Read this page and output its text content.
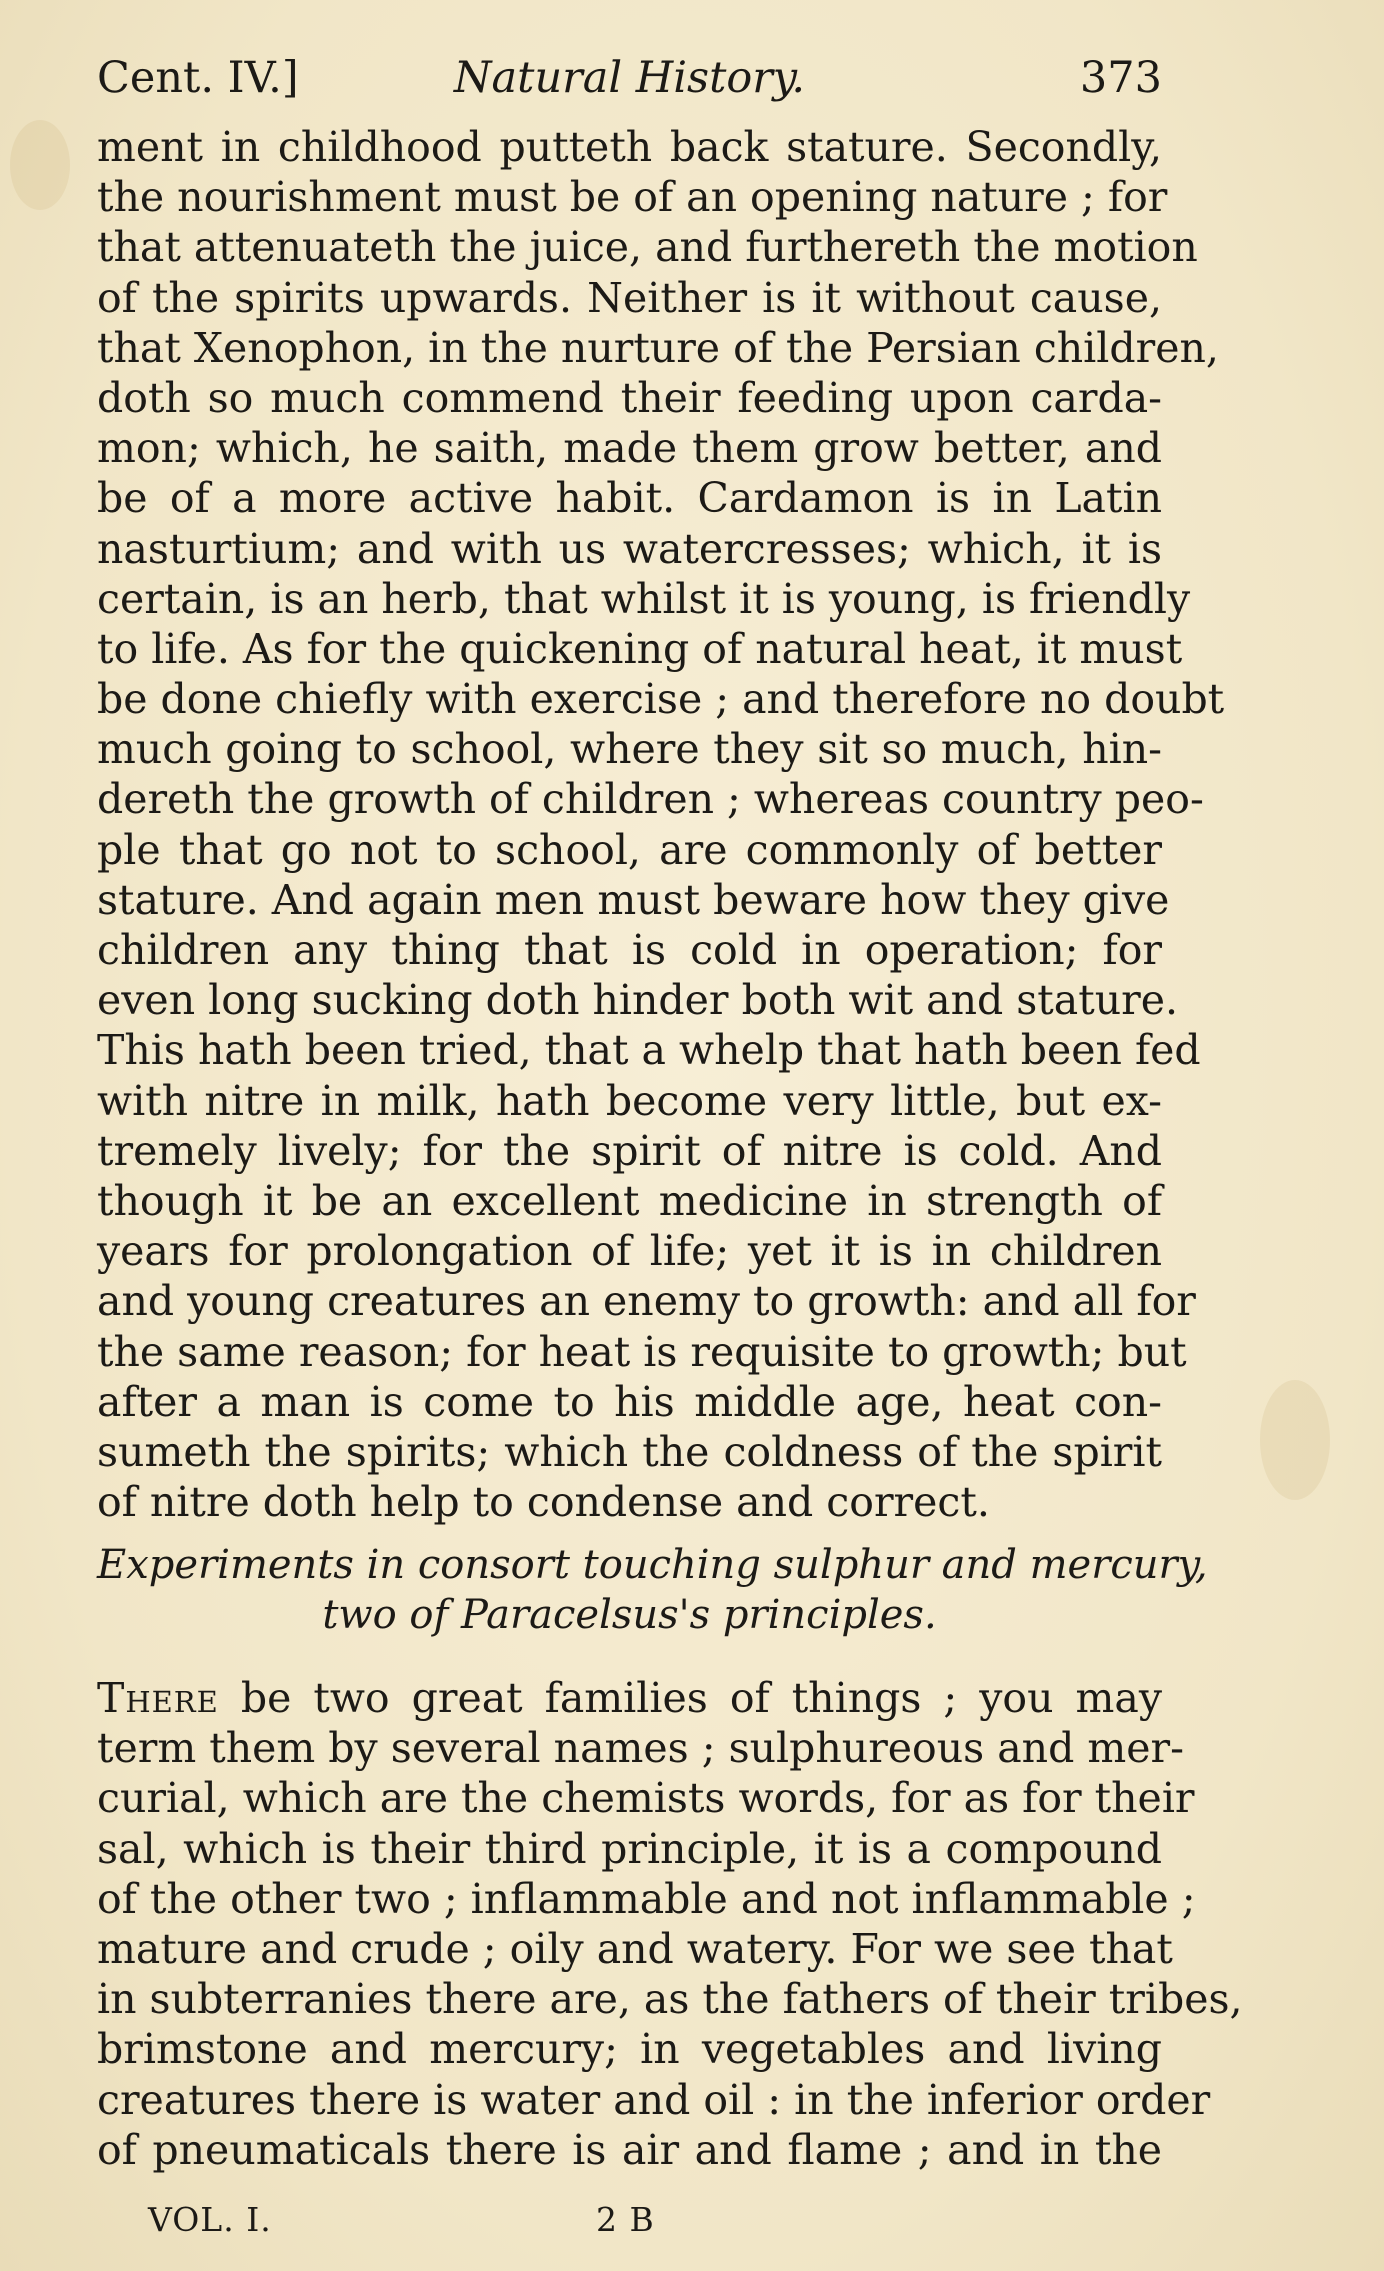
Cent. IV.]	Natural History.	373
ment in childhood putteth back stature. Secondly,
the nourishment must be of an opening nature ; for
that attenuateth the juice, and furthereth the motion
of the spirits upwards. Neither is it without cause,
that Xenophon, in the nurture of the Persian children,
doth so much commend their feeding upon carda-
mon; which, he saith, made them grow better, and
be of a more active habit. Cardamon is in Latin
nasturtium; and with us watercresses; which, it is
certain, is an herb, that whilst it is young, is friendly
to life. As for the quickening of natural heat, it must
be done chiefly with exercise ; and therefore no doubt
much going to school, where they sit so much, hin-
dereth the growth of children ; whereas country peo-
ple that go not to school, are commonly of better
stature. And again men must beware how they give
children any thing that is cold in operation; for
even long sucking doth hinder both wit and stature.
This hath been tried, that a whelp that hath been fed
with nitre in milk, hath become very little, but ex-
tremely lively; for the spirit of nitre is cold. And
though it be an excellent medicine in strength of
years for prolongation of life; yet it is in children
and young creatures an enemy to growth: and all for
the same reason; for heat is requisite to growth; but
after a man is come to his middle age, heat con-
sumeth the spirits; which the coldness of the spirit
of nitre doth help to condense and correct.
Experiments in consort touching sulphur and mercury,
two of Paracelsus's principles.
There be two great families of things ; you may
term them by several names ; sulphureous and mer-
curial, which are the chemists words, for as for their
sal, which is their third principle, it is a compound
of the other two ; inflammable and not inflammable ;
mature and crude ; oily and watery. For we see that
in subterranies there are, as the fathers of their tribes,
brimstone and mercury; in vegetables and living
creatures there is water and oil : in the inferior order
of pneumaticals there is air and flame ; and in the
VOL. I.	2 B
